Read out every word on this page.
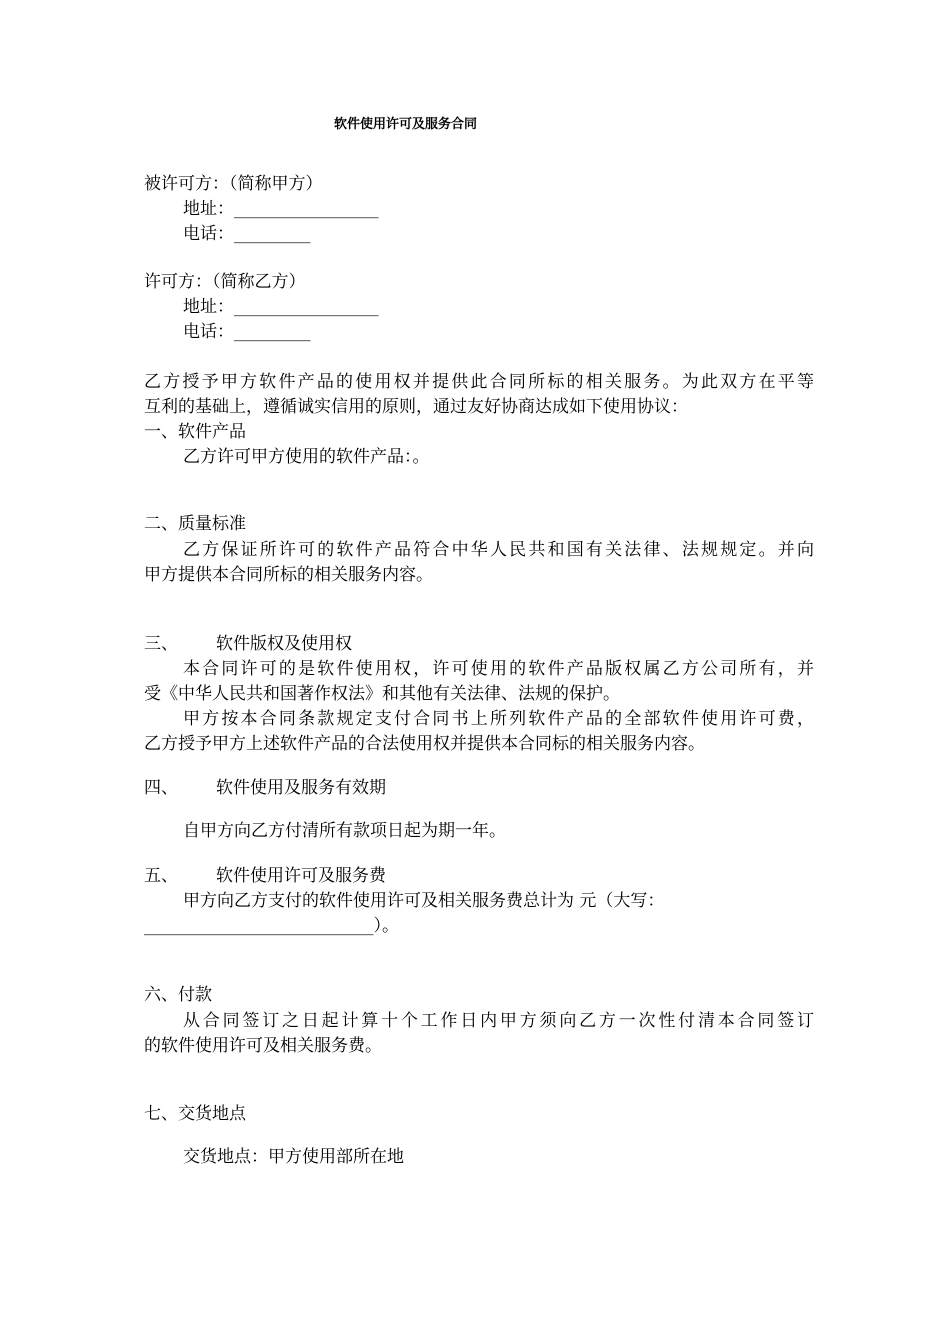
软件使用许可及服务合同
被许可方：（简称甲方）
地址：_________________
电话：_________
许可方：（简称乙方）
地址：_________________
电话：_________
乙方授予甲方软件产品的使用权并提供此合同所标的相关服务。为此双方在平等
互利的基础上，遵循诚实信用的原则，通过友好协商达成如下使用协议：
一、软件产品
乙方许可甲方使用的软件产品：。
二、质量标准
乙方保证所许可的软件产品符合中华人民共和国有关法律、法规规定。并向
甲方提供本合同所标的相关服务内容。
三、 软件版权及使用权
本合同许可的是软件使用权，许可使用的软件产品版权属乙方公司所有，并
受《中华人民共和国著作权法》和其他有关法律、法规的保护。
甲方按本合同条款规定支付合同书上所列软件产品的全部软件使用许可费，
乙方授予甲方上述软件产品的合法使用权并提供本合同标的相关服务内容。
四、 软件使用及服务有效期
自甲方向乙方付清所有款项日起为期一年。
五、 软件使用许可及服务费
甲方向乙方支付的软件使用许可及相关服务费总计为 元（大写：
___________________________）。
六、付款
从合同签订之日起计算十个工作日内甲方须向乙方一次性付清本合同签订
的软件使用许可及相关服务费。
七、交货地点
交货地点：甲方使用部所在地
